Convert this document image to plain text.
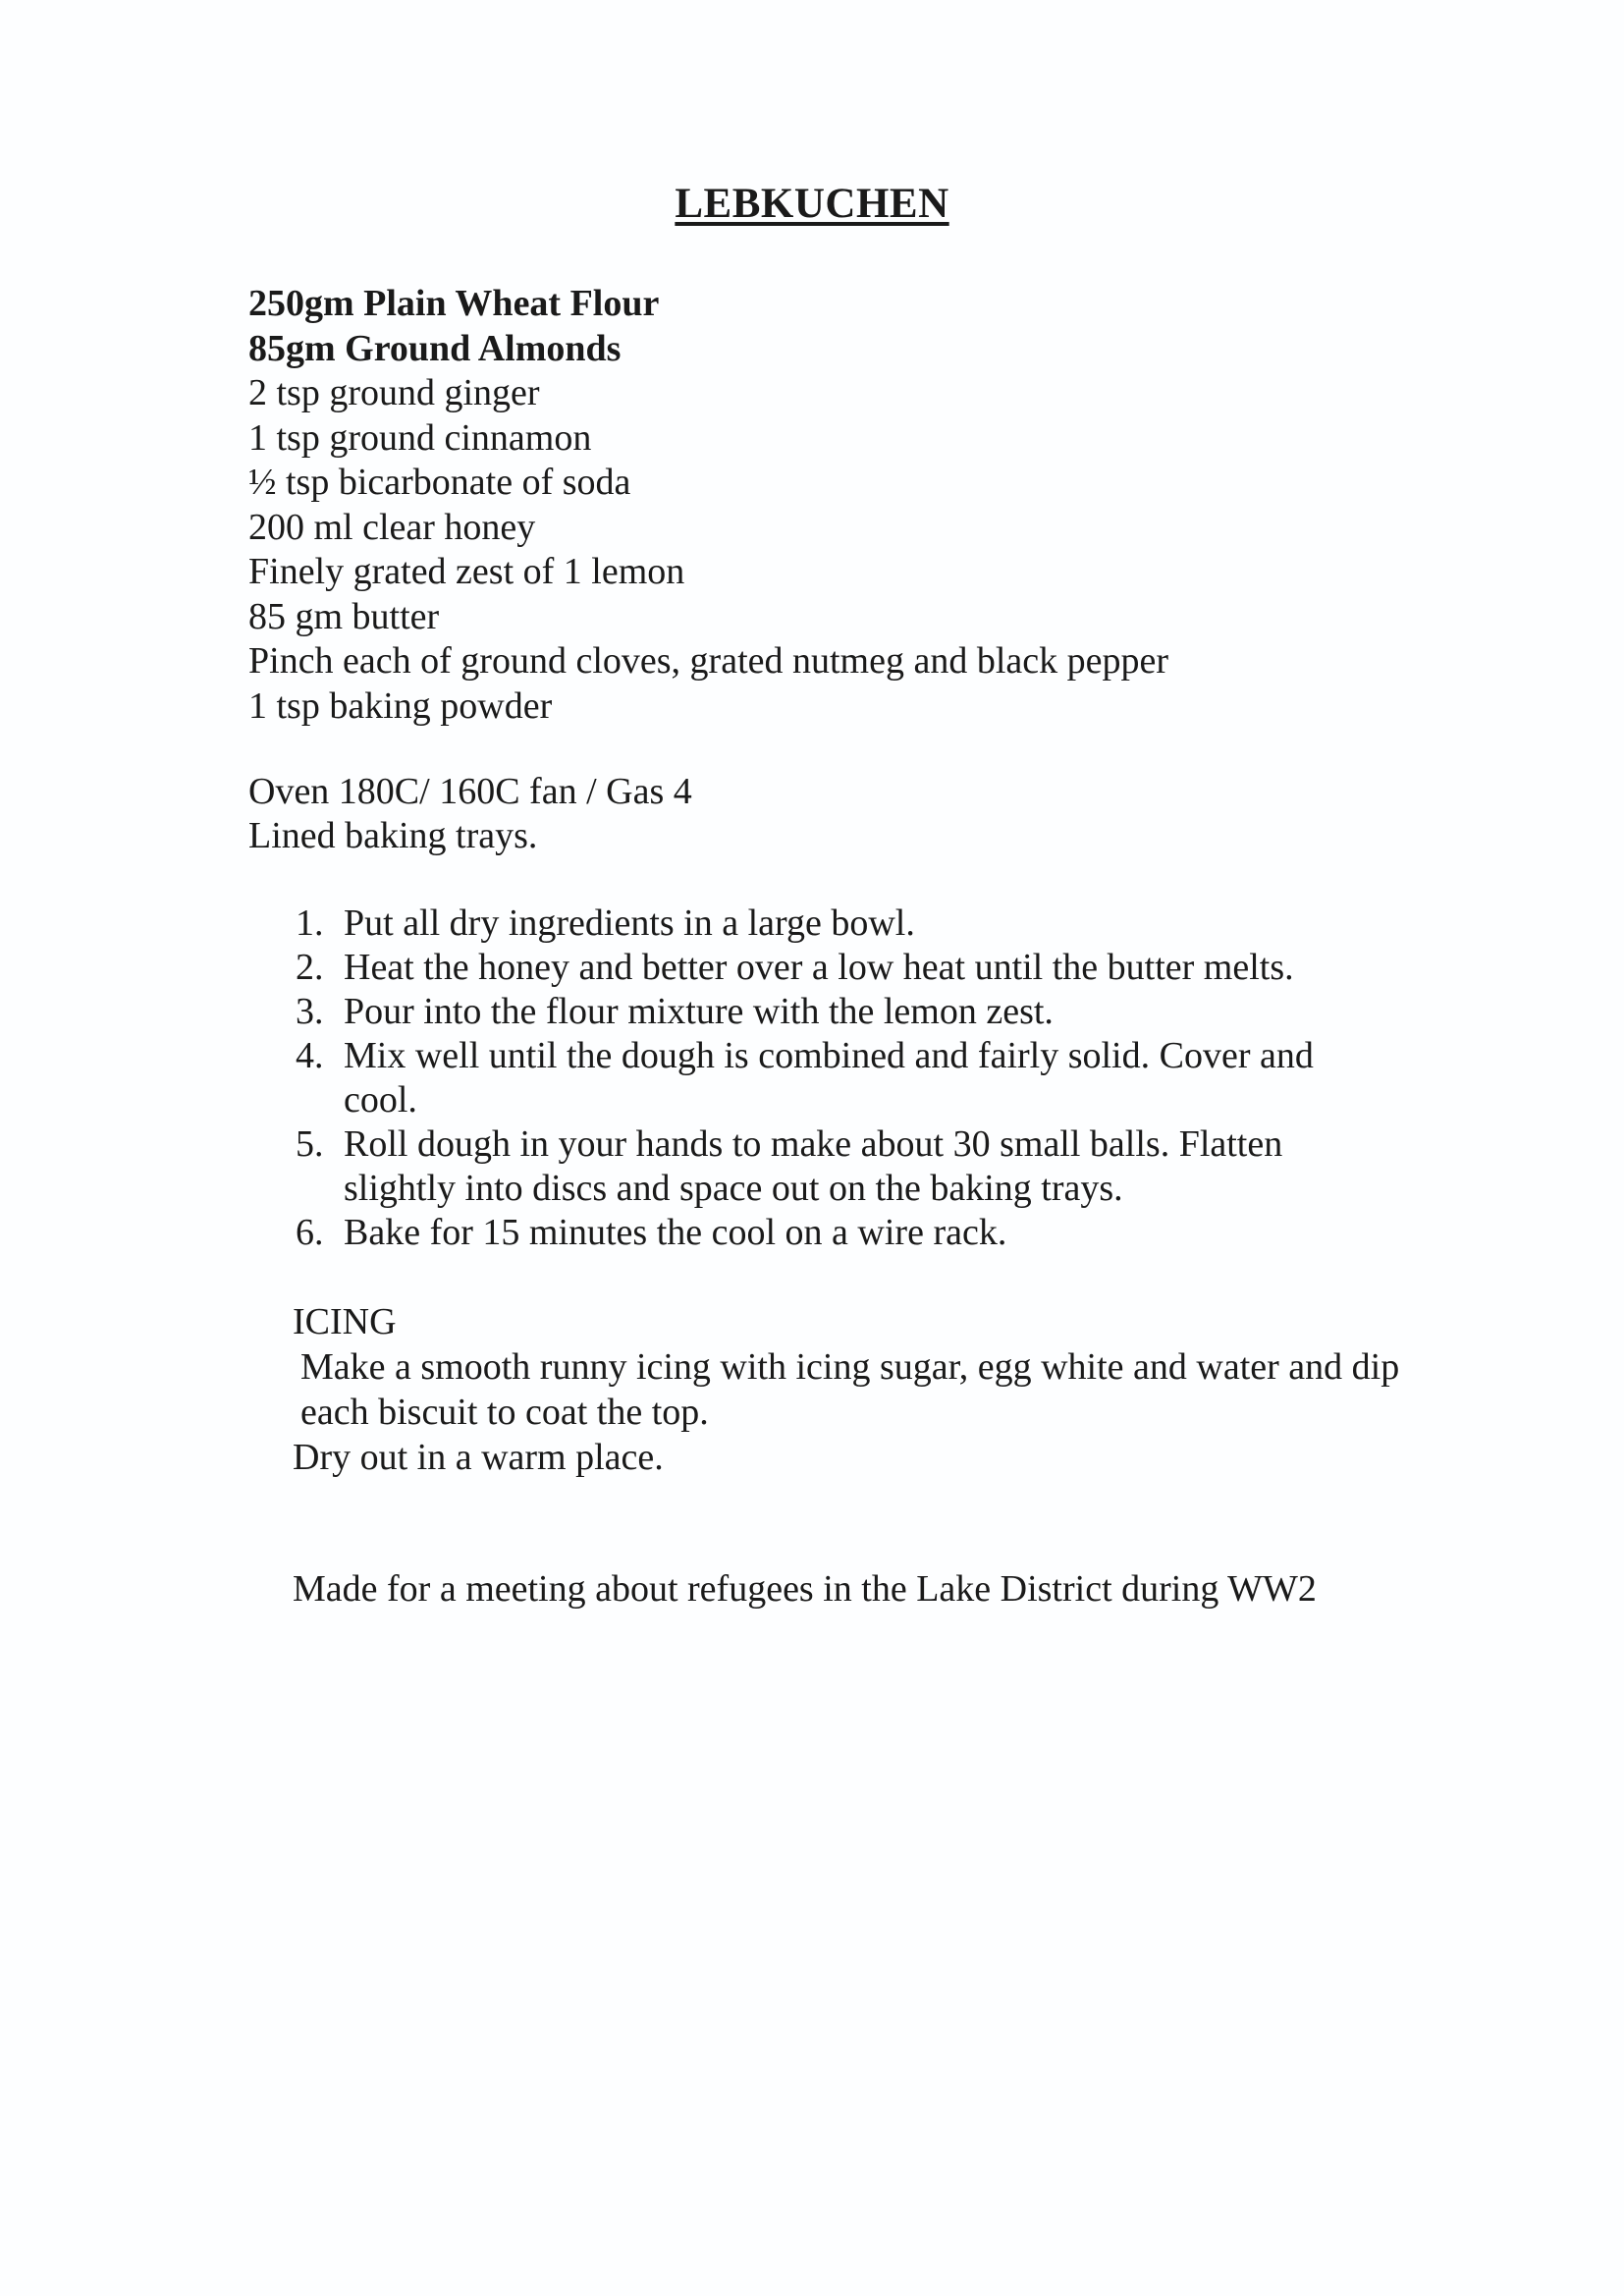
LEBKUCHEN
250gm Plain Wheat Flour
85gm Ground Almonds
2 tsp ground ginger
1 tsp ground cinnamon
½ tsp bicarbonate of soda
200 ml clear honey
Finely grated zest of 1 lemon
85 gm butter
Pinch each of ground cloves, grated nutmeg and black pepper
1 tsp baking powder
Oven 180C/ 160C fan / Gas 4
Lined baking trays.
1. Put all dry ingredients in a large bowl.
2. Heat the honey and better over a low heat until the butter melts.
3. Pour into the flour mixture with the lemon zest.
4. Mix well until the dough is combined and fairly solid. Cover and cool.
5. Roll dough in your hands to make about 30 small balls. Flatten slightly into discs and space out on the baking trays.
6. Bake for 15 minutes the cool on a wire rack.
ICING
Make a smooth runny icing with icing sugar, egg white and water and dip each biscuit to coat the top.
Dry out in a warm place.
Made for a meeting about refugees in the Lake District during WW2
